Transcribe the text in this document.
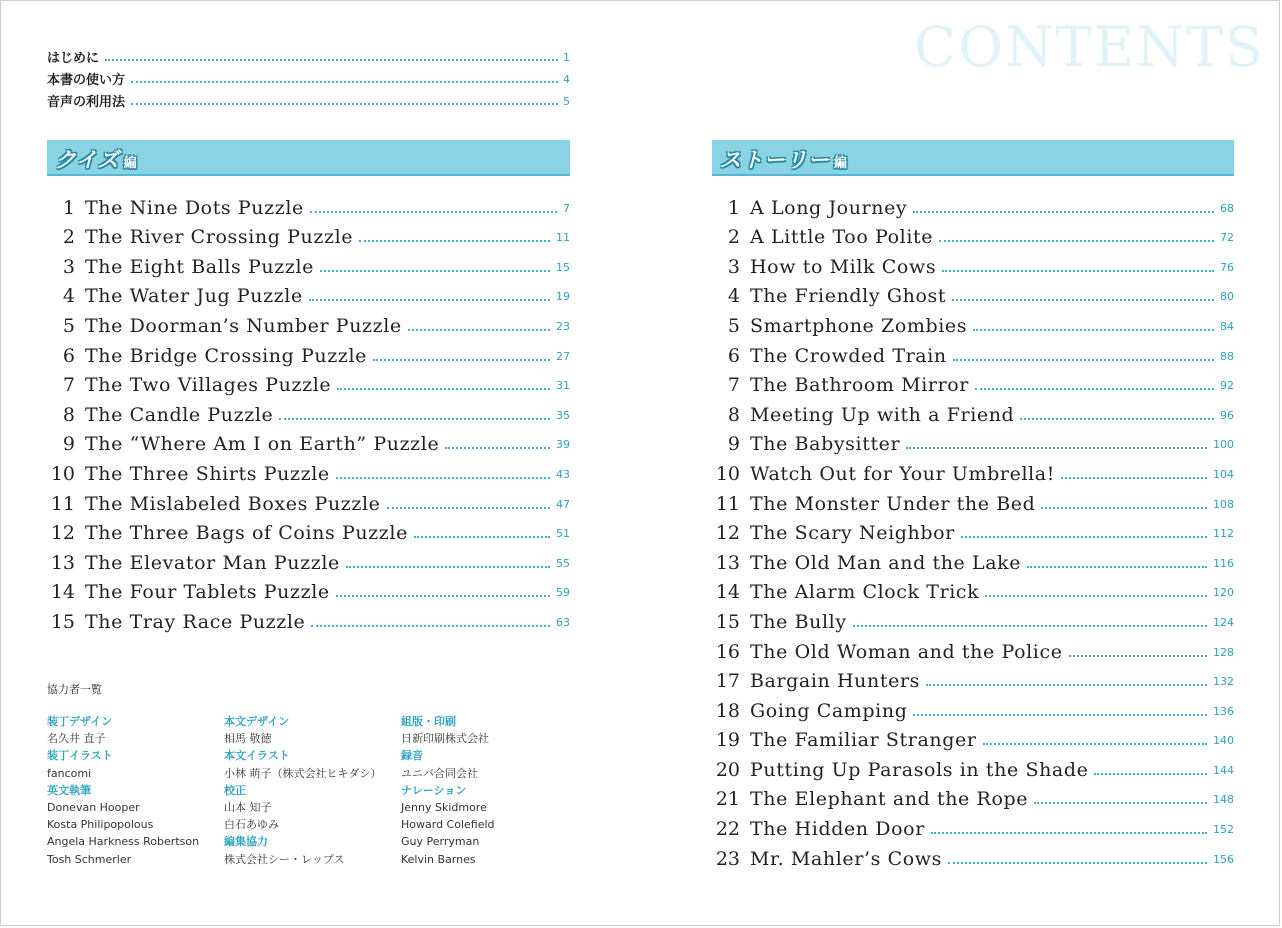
CONTENTS
はじめに	1
本書の使い方	4
音声の利用法	5
クイズ 編
1 The Nine Dots Puzzle	7
2 The River Crossing Puzzle	11
3 The Eight Balls Puzzle	15
4 The Water Jug Puzzle	19
5 The Doorman’s Number Puzzle	23
6 The Bridge Crossing Puzzle	27
7 The Two Villages Puzzle	31
8 The Candle Puzzle	35
9 The “Where Am I on Earth” Puzzle	39
10 The Three Shirts Puzzle	43
11 The Mislabeled Boxes Puzzle	47
12 The Three Bags of Coins Puzzle	51
13 The Elevator Man Puzzle	55
14 The Four Tablets Puzzle	59
15 The Tray Race Puzzle	63
ストーリー 編
1 A Long Journey	68
2 A Little Too Polite	72
3 How to Milk Cows	76
4 The Friendly Ghost	80
5 Smartphone Zombies	84
6 The Crowded Train	88
7 The Bathroom Mirror	92
8 Meeting Up with a Friend	96
9 The Babysitter	100
10 Watch Out for Your Umbrella!	104
11 The Monster Under the Bed	108
12 The Scary Neighbor	112
13 The Old Man and the Lake	116
14 The Alarm Clock Trick	120
15 The Bully	124
16 The Old Woman and the Police	128
17 Bargain Hunters	132
18 Going Camping	136
19 The Familiar Stranger	140
20 Putting Up Parasols in the Shade	144
21 The Elephant and the Rope	148
22 The Hidden Door	152
23 Mr. Mahler’s Cows	156
協力者一覧
装丁デザイン
名久井 直子
装丁イラスト
fancomi
英文執筆
Donevan Hooper
Kosta Philipopolous
Angela Harkness Robertson
Tosh Schmerler
本文デザイン
相馬 敬徳
本文イラスト
小林 萌子（株式会社ヒキダシ）
校正
山本 知子
白石あゆみ
編集協力
株式会社シー・レップス
組版・印刷
日新印刷株式会社
録音
ユニバ合同会社
ナレーション
Jenny Skidmore
Howard Colefield
Guy Perryman
Kelvin Barnes
